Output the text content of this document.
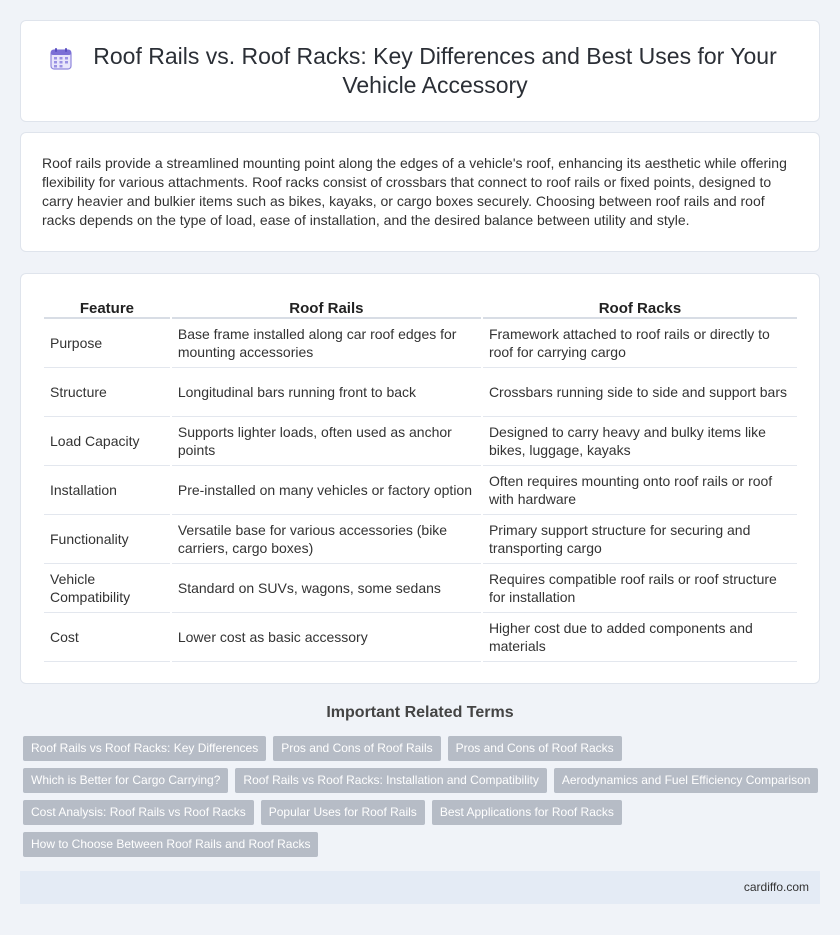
Roof Rails vs. Roof Racks: Key Differences and Best Uses for Your Vehicle Accessory

Roof rails provide a streamlined mounting point along the edges of a vehicle's roof, enhancing its aesthetic while offering flexibility for various attachments. Roof racks consist of crossbars that connect to roof rails or fixed points, designed to carry heavier and bulkier items such as bikes, kayaks, or cargo boxes securely. Choosing between roof rails and roof racks depends on the type of load, ease of installation, and the desired balance between utility and style.

Feature	Roof Rails	Roof Racks
Purpose	Base frame installed along car roof edges for mounting accessories	Framework attached to roof rails or directly to roof for carrying cargo
Structure	Longitudinal bars running front to back	Crossbars running side to side and support bars
Load Capacity	Supports lighter loads, often used as anchor points	Designed to carry heavy and bulky items like bikes, luggage, kayaks
Installation	Pre-installed on many vehicles or factory option	Often requires mounting onto roof rails or roof with hardware
Functionality	Versatile base for various accessories (bike carriers, cargo boxes)	Primary support structure for securing and transporting cargo
Vehicle Compatibility	Standard on SUVs, wagons, some sedans	Requires compatible roof rails or roof structure for installation
Cost	Lower cost as basic accessory	Higher cost due to added components and materials
Important Related Terms
Roof Rails vs Roof Racks: Key Differences	Pros and Cons of Roof Rails	Pros and Cons of Roof Racks
Which is Better for Cargo Carrying?	Roof Rails vs Roof Racks: Installation and Compatibility	Aerodynamics and Fuel Efficiency Comparison
Cost Analysis: Roof Rails vs Roof Racks	Popular Uses for Roof Rails	Best Applications for Roof Racks
How to Choose Between Roof Rails and Roof Racks
cardiffo.com
